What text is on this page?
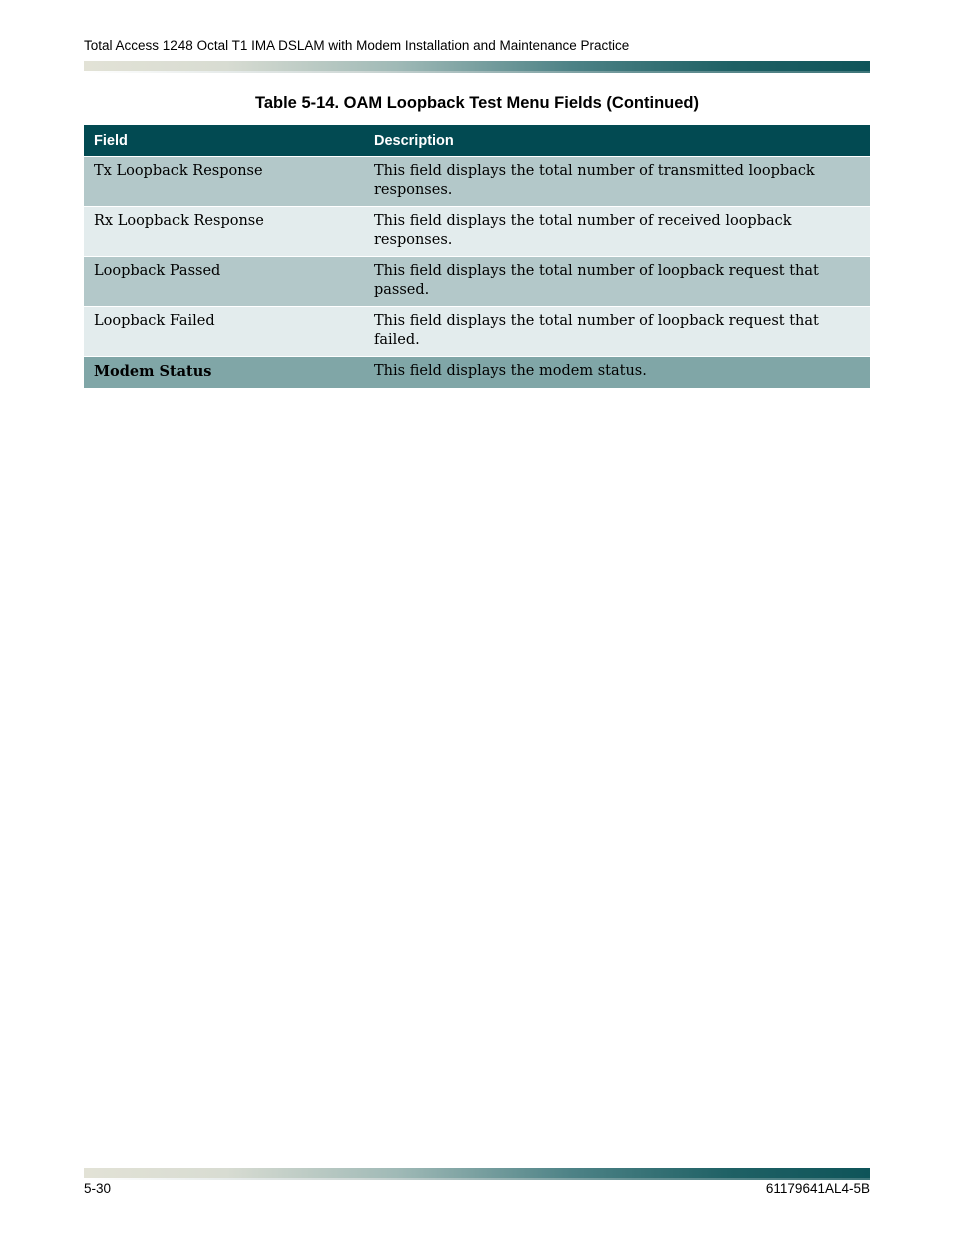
Total Access 1248 Octal T1 IMA DSLAM with Modem Installation and Maintenance Practice
Table 5-14. OAM Loopback Test Menu Fields (Continued)
Field	Description
Tx Loopback Response	This field displays the total number of transmitted loopback responses.
Rx Loopback Response	This field displays the total number of received loopback responses.
Loopback Passed	This field displays the total number of loopback request that passed.
Loopback Failed	This field displays the total number of loopback request that failed.
Modem Status	This field displays the modem status.
5-30	61179641AL4-5B
